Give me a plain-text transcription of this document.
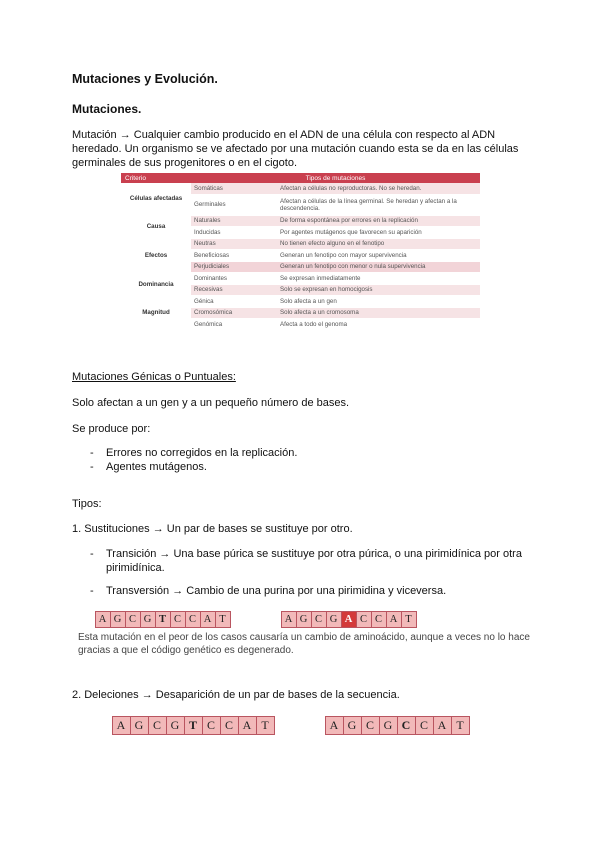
Mutaciones y Evolución.
Mutaciones.
Mutación → Cualquier cambio producido en el ADN de una célula con respecto al ADN heredado. Un organismo se ve afectado por una mutación cuando esta se da en las células germinales de sus progenitores o en el cigoto.
Criterio	Tipos de mutaciones	
Células afectadas	Somáticas	Afectan a células no reproductoras. No se heredan.
	Germinales	Afectan a células de la línea germinal. Se heredan y afectan a la descendencia.
Causa	Naturales	De forma espontánea por errores en la replicación
	Inducidas	Por agentes mutágenos que favorecen su aparición
Efectos	Neutras	No tienen efecto alguno en el fenotipo
	Beneficiosas	Generan un fenotipo con mayor supervivencia
	Perjudiciales	Generan un fenotipo con menor o nula supervivencia
Dominancia	Dominantes	Se expresan inmediatamente
	Recesivas	Solo se expresan en homocigosis
Magnitud	Génica	Solo afecta a un gen
	Cromosómica	Solo afecta a un cromosoma
	Genómica	Afecta a todo el genoma
Mutaciones Génicas o Puntuales:
Solo afectan a un gen y a un pequeño número de bases.
Se produce por:
- Errores no corregidos en la replicación.
- Agentes mutágenos.
Tipos:
1. Sustituciones → Un par de bases se sustituye por otro.
- Transición → Una base púrica se sustituye por otra púrica, o una pirimidínica por otra pirimidínica.
- Transversión → Cambio de una purina por una pirimidina y viceversa.
A G C G T C C A T	A G C G A C C A T
Esta mutación en el peor de los casos causaría un cambio de aminoácido, aunque a veces no lo hace gracias a que el código genético es degenerado.
2. Deleciones → Desaparición de un par de bases de la secuencia.
A G C G T C C A T	A G C G C C A T
